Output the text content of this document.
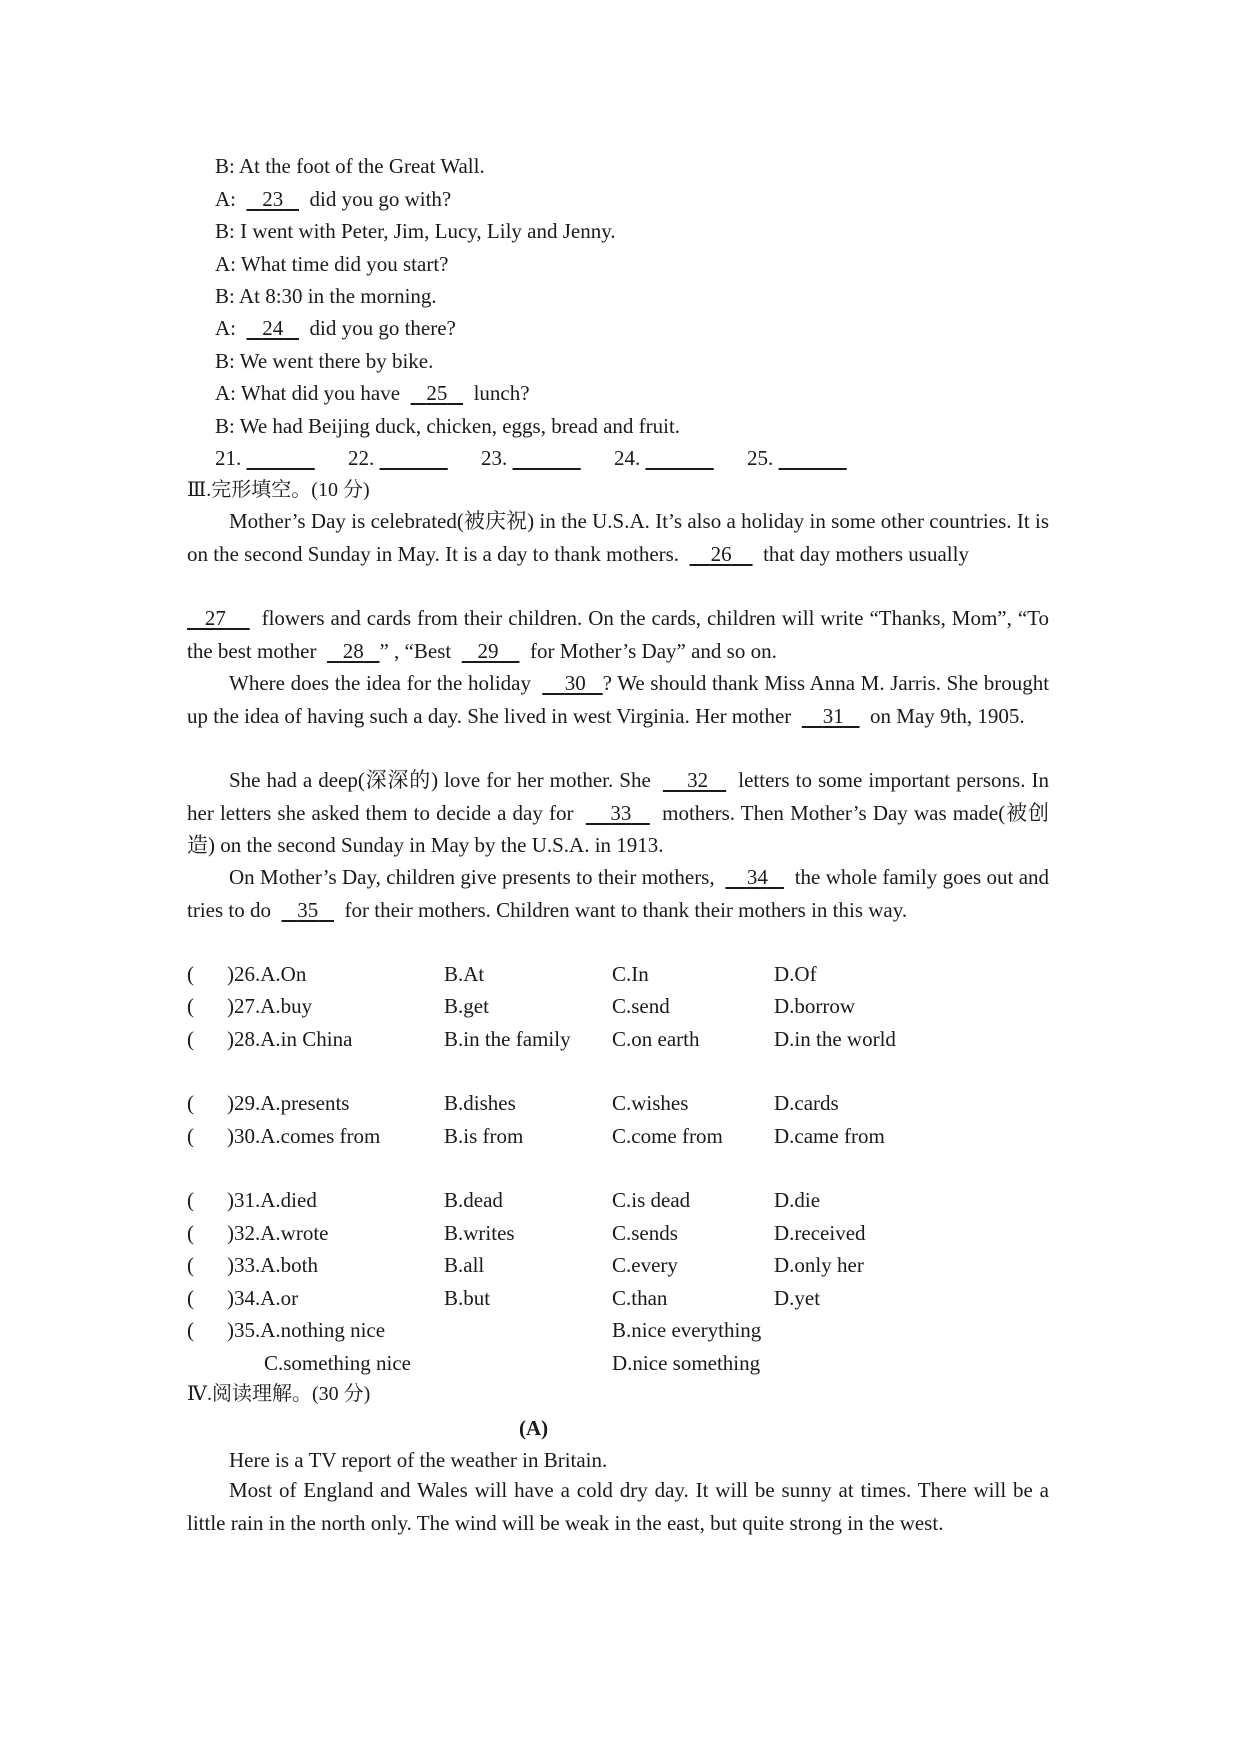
B: At the foot of the Great Wall.
A: 23 did you go with?
B: I went with Peter, Jim, Lucy, Lily and Jenny.
A: What time did you start?
B: At 8:30 in the morning.
A: 24 did you go there?
B: We went there by bike.
A: What did you have 25 lunch?
B: We had Beijing duck, chicken, eggs, bread and fruit.
21.	22.	23.	24.	25.
Ⅲ.完形填空。(10 分)
Mother’s Day is celebrated(被庆祝) in the U.S.A. It’s also a holiday in some other countries. It is on the second Sunday in May. It is a day to thank mothers. 26 that day mothers usually
27 flowers and cards from their children. On the cards, children will write “Thanks, Mom”, “To the best mother 28 ” , “Best 29 for Mother’s Day” and so on.
Where does the idea for the holiday 30 ? We should thank Miss Anna M. Jarris. She brought up the idea of having such a day. She lived in west Virginia. Her mother 31 on May 9th, 1905.
She had a deep(深深的) love for her mother. She 32 letters to some important persons. In her letters she asked them to decide a day for 33 mothers. Then Mother’s Day was made(被创造) on the second Sunday in May by the U.S.A. in 1913.
On Mother’s Day, children give presents to their mothers, 34 the whole family goes out and tries to do 35 for their mothers. Children want to thank their mothers in this way.
( )26.A.On	B.At	C.In	D.Of
( )27.A.buy	B.get	C.send	D.borrow
( )28.A.in China	B.in the family C.on earth	D.in the world
( )29.A.presents	B.dishes	C.wishes	D.cards
( )30.A.comes from	B.is from	C.come from D.came from
( )31.A.died	B.dead	C.is dead	D.die
( )32.A.wrote	B.writes	C.sends	D.received
( )33.A.both	B.all	C.every	D.only her
( )34.A.or	B.but	C.than	D.yet
( )35.A.nothing nice	B.nice everything
C.something nice	D.nice something
Ⅳ.阅读理解。(30 分)
(A)
Here is a TV report of the weather in Britain.
Most of England and Wales will have a cold dry day. It will be sunny at times. There will be a little rain in the north only. The wind will be weak in the east, but quite strong in the west.
